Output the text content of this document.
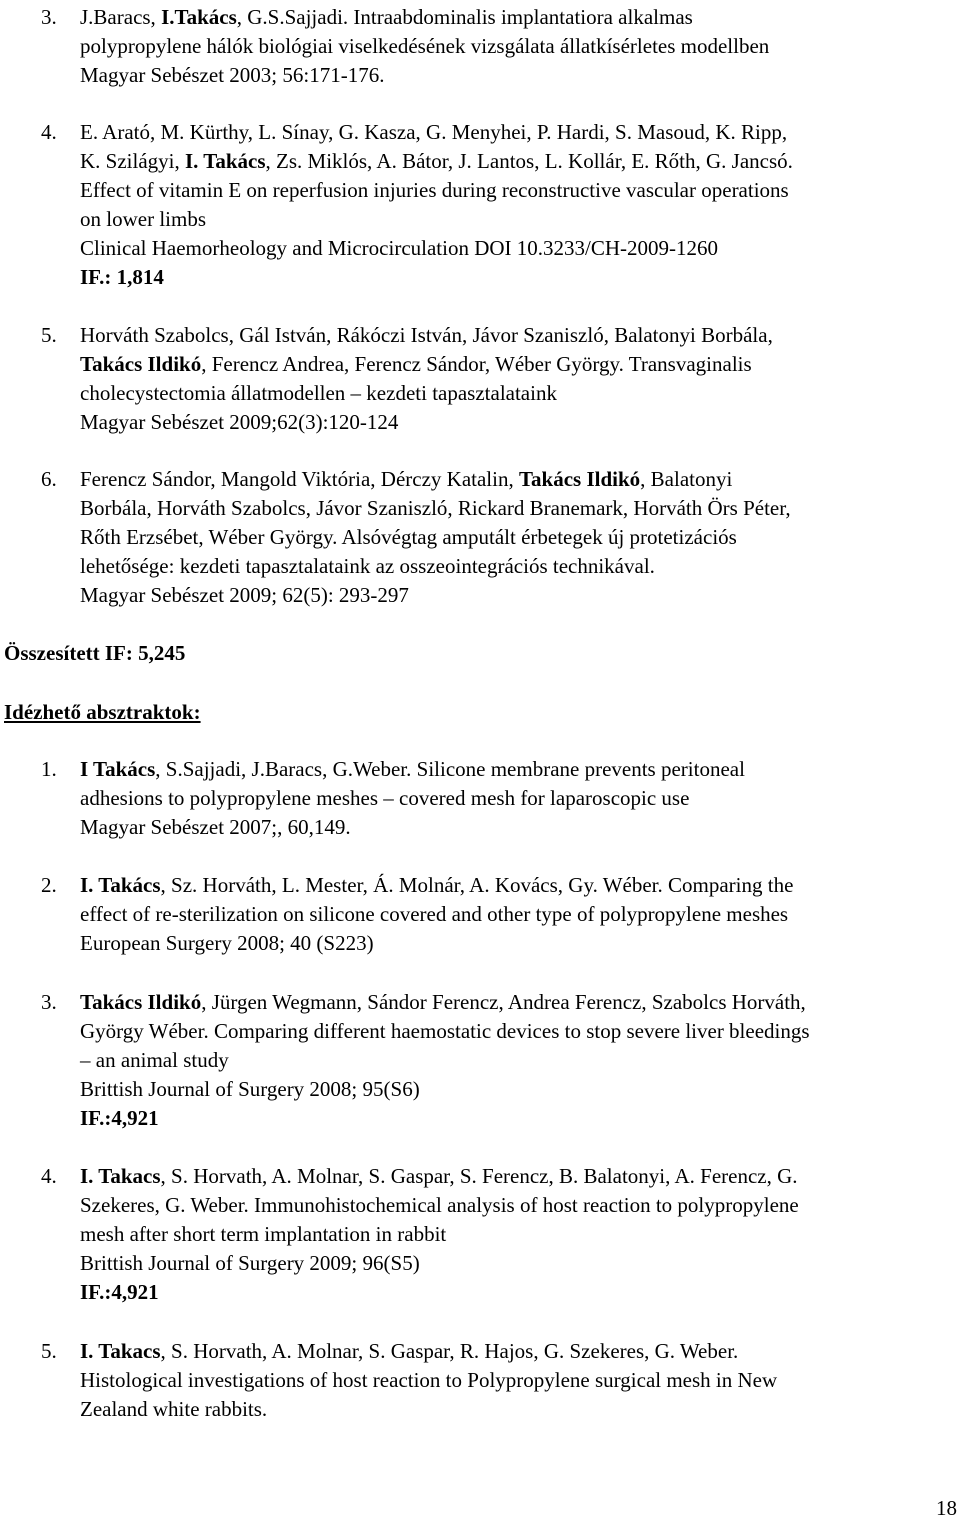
3. J.Baracs, I.Takács, G.S.Sajjadi. Intraabdominalis implantatiora alkalmas
polypropylene hálók biológiai viselkedésének vizsgálata állatkísérletes modellben
Magyar Sebészet 2003; 56:171-176.
4. E. Arató, M. Kürthy, L. Sínay, G. Kasza, G. Menyhei, P. Hardi, S. Masoud, K. Ripp,
K. Szilágyi, I. Takács, Zs. Miklós, A. Bátor, J. Lantos, L. Kollár, E. Rőth, G. Jancsó.
Effect of vitamin E on reperfusion injuries during reconstructive vascular operations
on lower limbs
Clinical Haemorheology and Microcirculation DOI 10.3233/CH-2009-1260
IF.: 1,814
5. Horváth Szabolcs, Gál István, Rákóczi István, Jávor Szaniszló, Balatonyi Borbála,
Takács Ildikó, Ferencz Andrea, Ferencz Sándor, Wéber György. Transvaginalis
cholecystectomia állatmodellen – kezdeti tapasztalataink
Magyar Sebészet 2009;62(3):120-124
6. Ferencz Sándor, Mangold Viktória, Dérczy Katalin, Takács Ildikó, Balatonyi
Borbála, Horváth Szabolcs, Jávor Szaniszló, Rickard Branemark, Horváth Örs Péter,
Rőth Erzsébet, Wéber György. Alsóvégtag amputált érbetegek új protetizációs
lehetősége: kezdeti tapasztalataink az osszeointegrációs technikával.
Magyar Sebészet 2009; 62(5): 293-297
Összesített IF: 5,245
Idézhető absztraktok:
1. I Takács, S.Sajjadi, J.Baracs, G.Weber. Silicone membrane prevents peritoneal
adhesions to polypropylene meshes – covered mesh for laparoscopic use
Magyar Sebészet 2007;, 60,149.
2. I. Takács, Sz. Horváth, L. Mester, Á. Molnár, A. Kovács, Gy. Wéber. Comparing the
effect of re-sterilization on silicone covered and other type of polypropylene meshes
European Surgery 2008; 40 (S223)
3. Takács Ildikó, Jürgen Wegmann, Sándor Ferencz, Andrea Ferencz, Szabolcs Horváth,
György Wéber. Comparing different haemostatic devices to stop severe liver bleedings
– an animal study
Brittish Journal of Surgery 2008; 95(S6)
IF.:4,921
4. I. Takacs, S. Horvath, A. Molnar, S. Gaspar, S. Ferencz, B. Balatonyi, A. Ferencz, G.
Szekeres, G. Weber. Immunohistochemical analysis of host reaction to polypropylene
mesh after short term implantation in rabbit
Brittish Journal of Surgery 2009; 96(S5)
IF.:4,921
5. I. Takacs, S. Horvath, A. Molnar, S. Gaspar, R. Hajos, G. Szekeres, G. Weber.
Histological investigations of host reaction to Polypropylene surgical mesh in New
Zealand white rabbits.
18
